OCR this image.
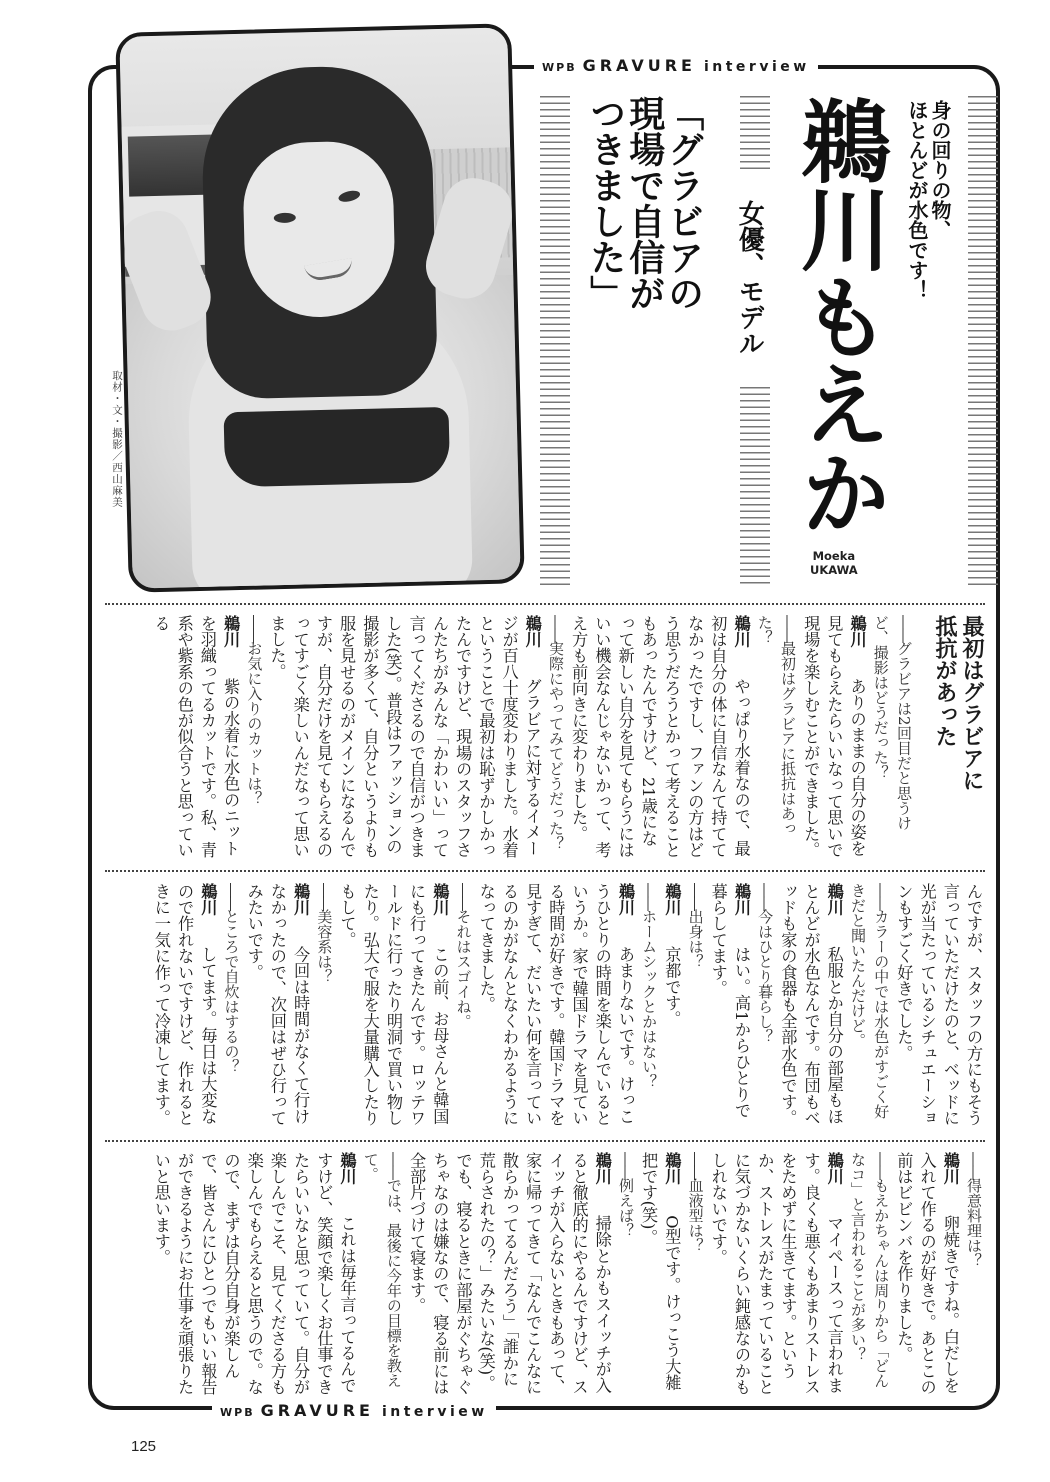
WPB GRAVURE interview
取材・文・撮影／西山麻美
身の回りの物、
ほとんどが水色です！
鵜川もえか
女優、モデル
「グラビアの
現場で自信が
つきました」
Moeka
UKAWA

最初はグラビアに
抵抗があった

――グラビアは2回目だと思うけど、撮影はどうだった？

鵜川　ありのままの自分の姿を見てもらえたらいいなって思いで現場を楽しむことができました。

――最初はグラビアに抵抗はあった？

鵜川　やっぱり水着なので、最初は自分の体に自信なんて持ててなかったですし、ファンの方はどう思うだろうとかって考えることもあったんですけど、21歳になって新しい自分を見てもらうにはいい機会なんじゃないかって、考え方も前向きに変わりました。

――実際にやってみてどうだった？

鵜川　グラビアに対するイメージが百八十度変わりました。水着ということで最初は恥ずかしかったんですけど、現場のスタッフさんたちがみんな「かわいい」って言ってくださるので自信がつきました(笑)。普段はファッションの撮影が多くて、自分というよりも服を見せるのがメインになるんですが、自分だけを見てもらえるのってすごく楽しいんだなって思いました。

――お気に入りのカットは？

鵜川　紫の水着に水色のニットを羽織ってるカットです。私、青系や紫系の色が似合うと思っている

んですが、スタッフの方にもそう言っていただけたのと、ベッドに光が当たっているシチュエーションもすごく好きでした。

――カラーの中では水色がすごく好きだと聞いたんだけど。

鵜川　私服とか自分の部屋もほとんどが水色なんです。布団もベッドも家の食器も全部水色です。

――今はひとり暮らし？

鵜川　はい。高1からひとりで暮らしてます。

――出身は？

鵜川　京都です。

――ホームシックとかはない？

鵜川　あまりないです。けっこうひとりの時間を楽しんでいるというか。家で韓国ドラマを見ている時間が好きです。韓国ドラマを見すぎて、だいたい何を言っているのかがなんとなくわかるようになってきました。

――それはスゴイね。

鵜川　この前、お母さんと韓国にも行ってきたんです。ロッテワールドに行ったり明洞で買い物したり。弘大で服を大量購入したりもして。

――美容系は？

鵜川　今回は時間がなくて行けなかったので、次回はぜひ行ってみたいです。

――ところで自炊はするの？

鵜川　してます。毎日は大変なので作れないですけど、作れるときに一気に作って冷凍してます。

――得意料理は？

鵜川　卵焼きですね。白だしを入れて作るのが好きで。あとこの前はビビンバを作りました。

――もえかちゃんは周りから「どんなコ」と言われることが多い？

鵜川　マイペースって言われます。良くも悪くもあまりストレスをためずに生きてます。というか、ストレスがたまっていることに気づかないくらい鈍感なのかもしれないです。

――血液型は？

鵜川　O型です。けっこう大雑把です(笑)。

――例えば？

鵜川　掃除とかもスイッチが入ると徹底的にやるんですけど、スイッチが入らないときもあって、家に帰ってきて「なんでこんなに散らかってるんだろう」「誰かに荒らされたの？」みたいな(笑)。でも、寝るときに部屋がぐちゃぐちゃなのは嫌なので、寝る前には全部片づけて寝ます。

――では、最後に今年の目標を教えて。

鵜川　これは毎年言ってるんですけど、笑顔で楽しくお仕事できたらいいなと思っていて。自分が楽しんでこそ、見てくださる方も楽しんでもらえると思うので。なので、まずは自分自身が楽しんで、皆さんにひとつでもいい報告ができるようにお仕事を頑張りたいと思います。

WPB GRAVURE interview
125
